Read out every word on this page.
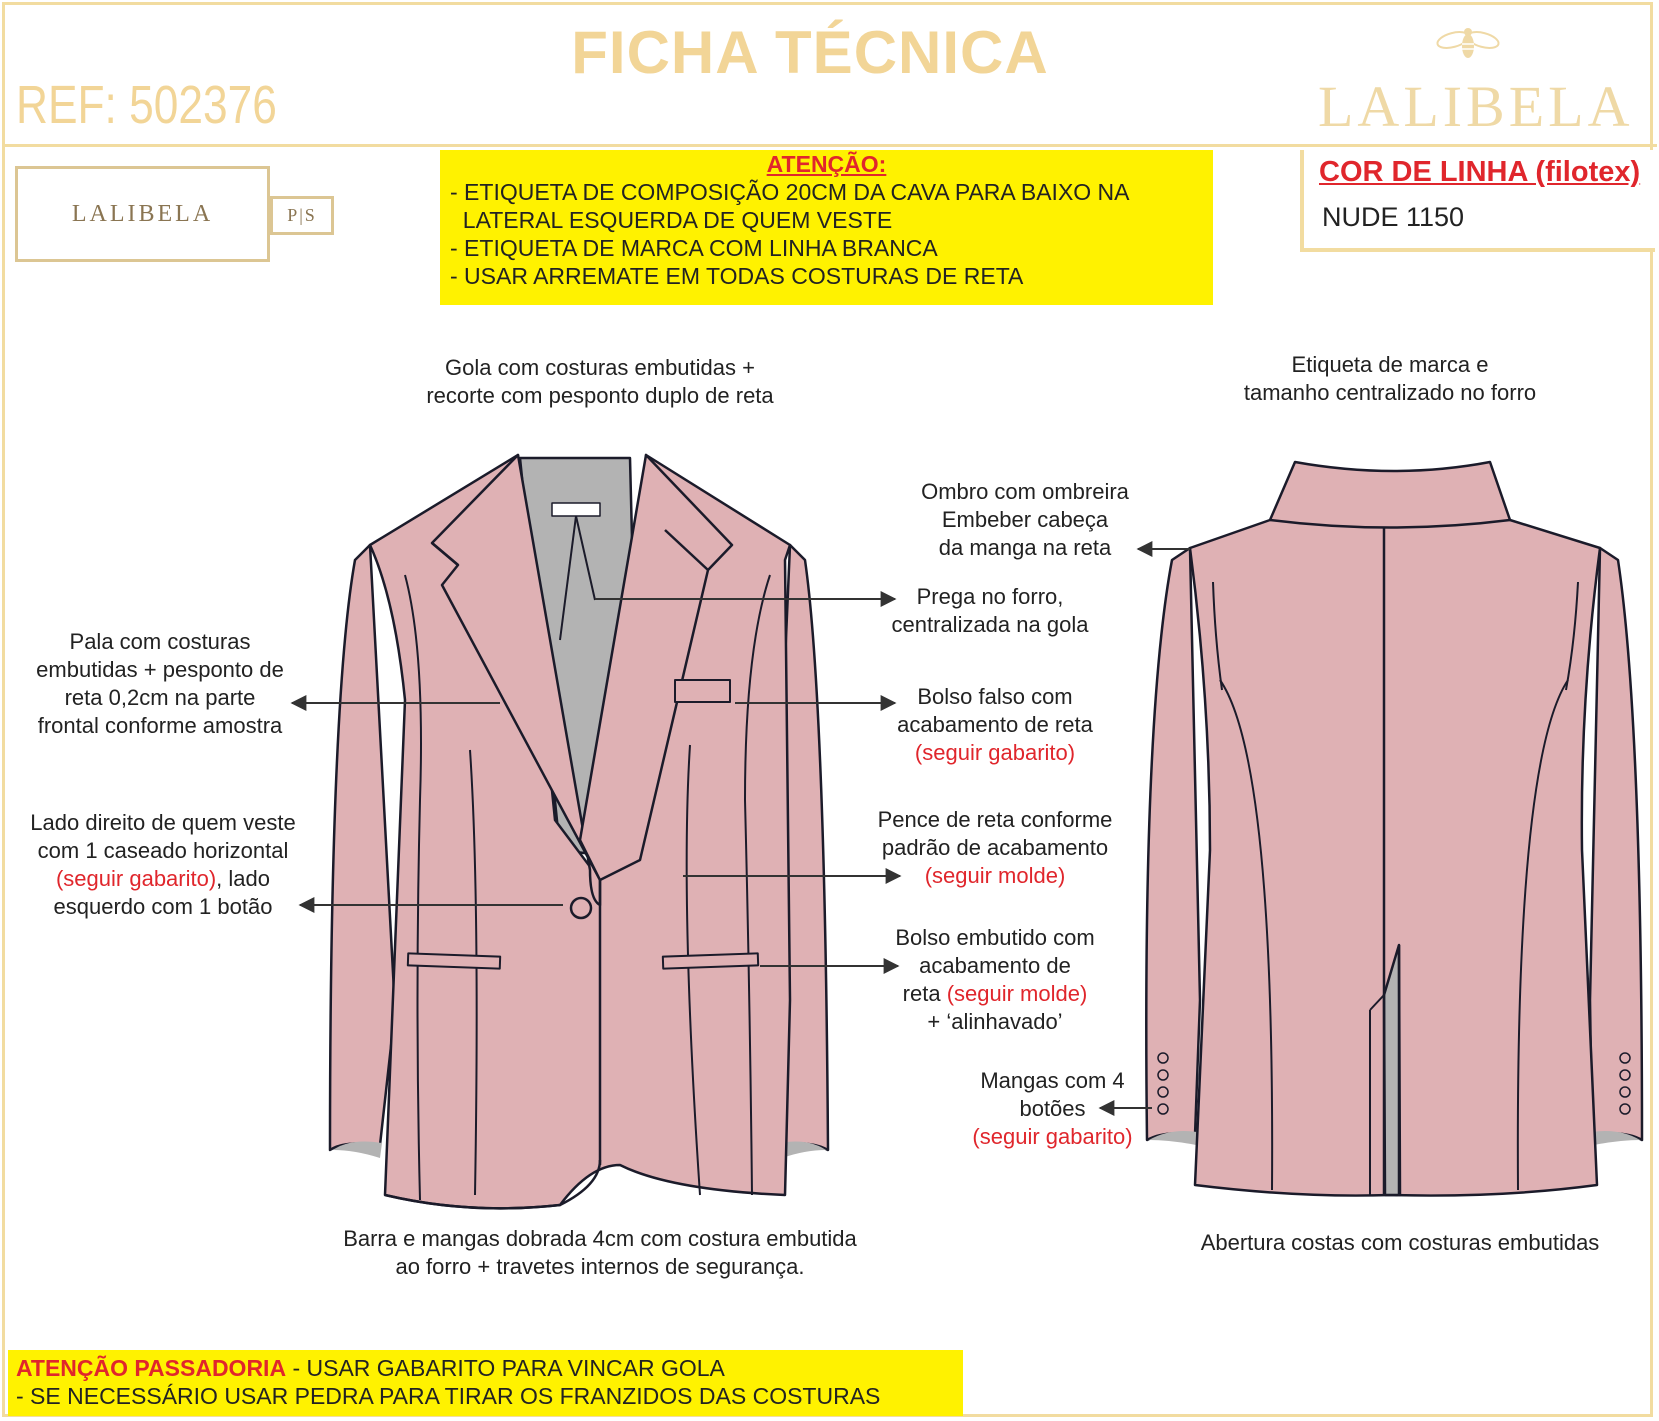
FICHA TÉCNICA
REF: 502376	LALIBELA
LALIBELA	P|S
ATENÇÃO:
- ETIQUETA DE COMPOSIÇÃO 20CM DA CAVA PARA BAIXO NA
LATERAL ESQUERDA DE QUEM VESTE
- ETIQUETA DE MARCA COM LINHA BRANCA
- USAR ARREMATE EM TODAS COSTURAS DE RETA
COR DE LINHA (filotex)
NUDE 1150
Gola com costuras embutidas +
recorte com pesponto duplo de reta
Pala com costuras
embutidas + pesponto de
reta 0,2cm na parte
frontal conforme amostra
Lado direito de quem veste
com 1 caseado horizontal
(seguir gabarito), lado
esquerdo com 1 botão
Prega no forro,
centralizada na gola
Bolso falso com
acabamento de reta
(seguir gabarito)
Pence de reta conforme
padrão de acabamento
(seguir molde)
Bolso embutido com
acabamento de
reta (seguir molde)
+ ‘alinhavado’
Barra e mangas dobrada 4cm com costura embutida
ao forro + travetes internos de segurança.
Etiqueta de marca e
tamanho centralizado no forro
Ombro com ombreira
Embeber cabeça
da manga na reta
Mangas com 4
botões
(seguir gabarito)
Abertura costas com costuras embutidas
ATENÇÃO PASSADORIA - USAR GABARITO PARA VINCAR GOLA
- SE NECESSÁRIO USAR PEDRA PARA TIRAR OS FRANZIDOS DAS COSTURAS
